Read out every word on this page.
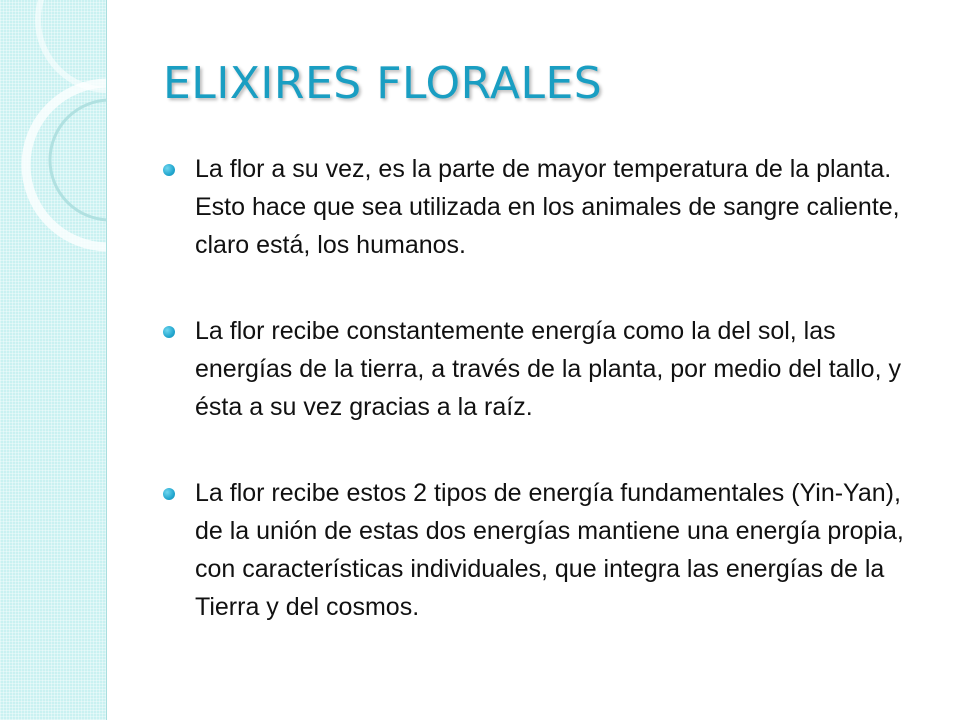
ELIXIRES FLORALES
La flor a su vez, es la parte de mayor temperatura de la planta. Esto hace que sea utilizada en los animales de sangre caliente, claro está, los humanos.
La flor recibe constantemente energía como la del sol, las energías de la tierra, a través de la planta, por medio del tallo, y ésta a su vez gracias a la raíz.
La flor recibe estos 2 tipos de energía fundamentales (Yin-Yan), de la unión de estas dos energías mantiene una energía propia, con características individuales, que integra las energías de la Tierra y del cosmos.
